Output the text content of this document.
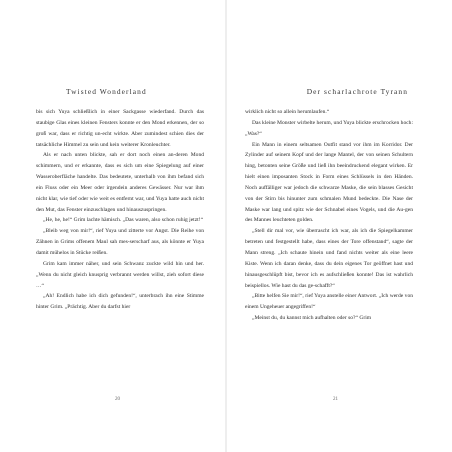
Twisted Wonderland

bis sich Yuya schließlich in einer Sackgasse wiederfand. Durch das staubige Glas eines kleinen Fensters konnte er den Mond erkennen, der so groß war, dass er richtig un-echt wirkte. Aber zumindest schien dies der tatsächliche Himmel zu sein und kein weiterer Kronleuchter.

Als er nach unten blickte, sah er dort noch einen an-deren Mond schimmern, und er erkannte, dass es sich um eine Spiegelung auf einer Wasseroberfläche handelte. Das bedeutete, unterhalb von ihm befand sich ein Fluss oder ein Meer oder irgendein anderes Gewässer. Nur war ihm nicht klar, wie tief oder wie weit es entfernt war, und Yuya hatte auch nicht den Mut, das Fenster einzuschlagen und hinauszuspringen.

„He, he, he!“ Grim lachte hämisch. „Das waren, also schon ruhig jetzt!“

„Bleib weg von mir!“, rief Yuya und zitterte vor Angst. Die Reihe von Zähnen in Grims offenem Maul sah mes-serscharf aus, als könnte er Yuya damit mühelos in Stücke reißen.

Grim kam immer näher, und sein Schwanz zuckte wild hin und her. „Wenn du nicht gleich knusprig verbrannt werden willst, zieh sofort diese …“

„Ah! Endlich habe ich dich gefunden!“, unterbrach ihn eine Stimme hinter Grim. „Prächtig. Aber du darfst hier

20
Der scharlachrote Tyrann

wirklich nicht so allein herumlaufen.“

Das kleine Monster wirbelte herum, und Yuya blickte erschrocken hoch: „Was?“

Ein Mann in einem seltsamen Outfit stand vor ihm im Korridor. Der Zylinder auf seinem Kopf und der lange Mantel, der von seinen Schultern hing, betonten seine Größe und ließ ihn beeindruckend elegant wirken. Er hielt einen imposanten Stock in Form eines Schlüssels in den Händen. Noch auffälliger war jedoch die schwarze Maske, die sein blasses Gesicht von der Stirn bis hinunter zum schmalen Mund bedeckte. Die Nase der Maske war lang und spitz wie der Schnabel eines Vogels, und die Au-gen des Mannes leuchteten golden.

„Stell dir mal vor, wie überrascht ich war, als ich die Spiegelkammer betreten und festgestellt habe, dass eines der Tore offenstand“, sagte der Mann streng. „Ich schaute hinein und fand nichts weiter als eine leere Kiste. Wenn ich daran denke, dass du dein eigenes Tor geöffnet hast und hinausgeschlüpft bist, bevor ich es aufschließen konnte! Das ist wahrlich beispiellos. Wie hast du das ge-schafft?“

„Bitte helfen Sie mir!“, rief Yuya anstelle einer Antwort. „Ich werde von einem Ungeheuer angegriffen!“

„Meinst du, du kannst mich aufhalten oder so?“ Grim

21
